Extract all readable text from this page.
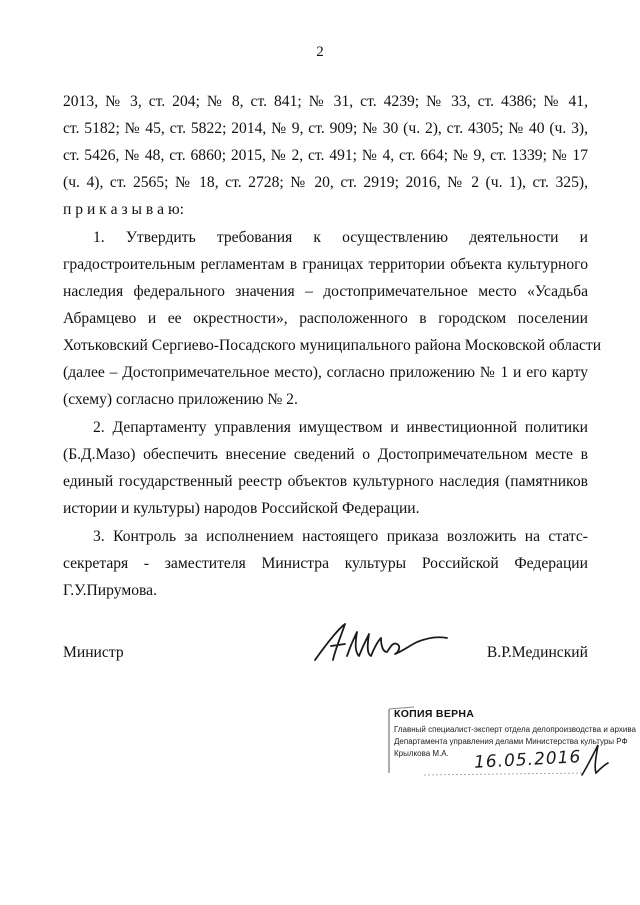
2
2013, № 3, ст. 204; № 8, ст. 841; № 31, ст. 4239; № 33, ст. 4386; № 41,
ст. 5182; № 45, ст. 5822; 2014, № 9, ст. 909; № 30 (ч. 2), ст. 4305; № 40 (ч. 3),
ст. 5426, № 48, ст. 6860; 2015, № 2, ст. 491; № 4, ст. 664; № 9, ст. 1339; № 17
(ч. 4), ст. 2565; № 18, ст. 2728; № 20, ст. 2919; 2016, № 2 (ч. 1), ст. 325),
п р и к а з ы в а ю:
1. Утвердить требования к осуществлению деятельности и
градостроительным регламентам в границах территории объекта культурного
наследия федерального значения – достопримечательное место «Усадьба
Абрамцево и ее окрестности», расположенного в городском поселении
Хотьковский Сергиево-Посадского муниципального района Московской области
(далее – Достопримечательное место), согласно приложению № 1 и его карту
(схему) согласно приложению № 2.
2. Департаменту управления имуществом и инвестиционной политики
(Б.Д.Мазо) обеспечить внесение сведений о Достопримечательном месте в
единый государственный реестр объектов культурного наследия (памятников
истории и культуры) народов Российской Федерации.
3. Контроль за исполнением настоящего приказа возложить на статс-
секретаря - заместителя Министра культуры Российской Федерации
Г.У.Пирумова.
Министр	В.Р.Мединский
КОПИЯ ВЕРНА
Главный специалист-эксперт отдела делопроизводства и архива
Департамента управления делами Министерства культуры РФ
Крылкова М.А. 16.05.2016
